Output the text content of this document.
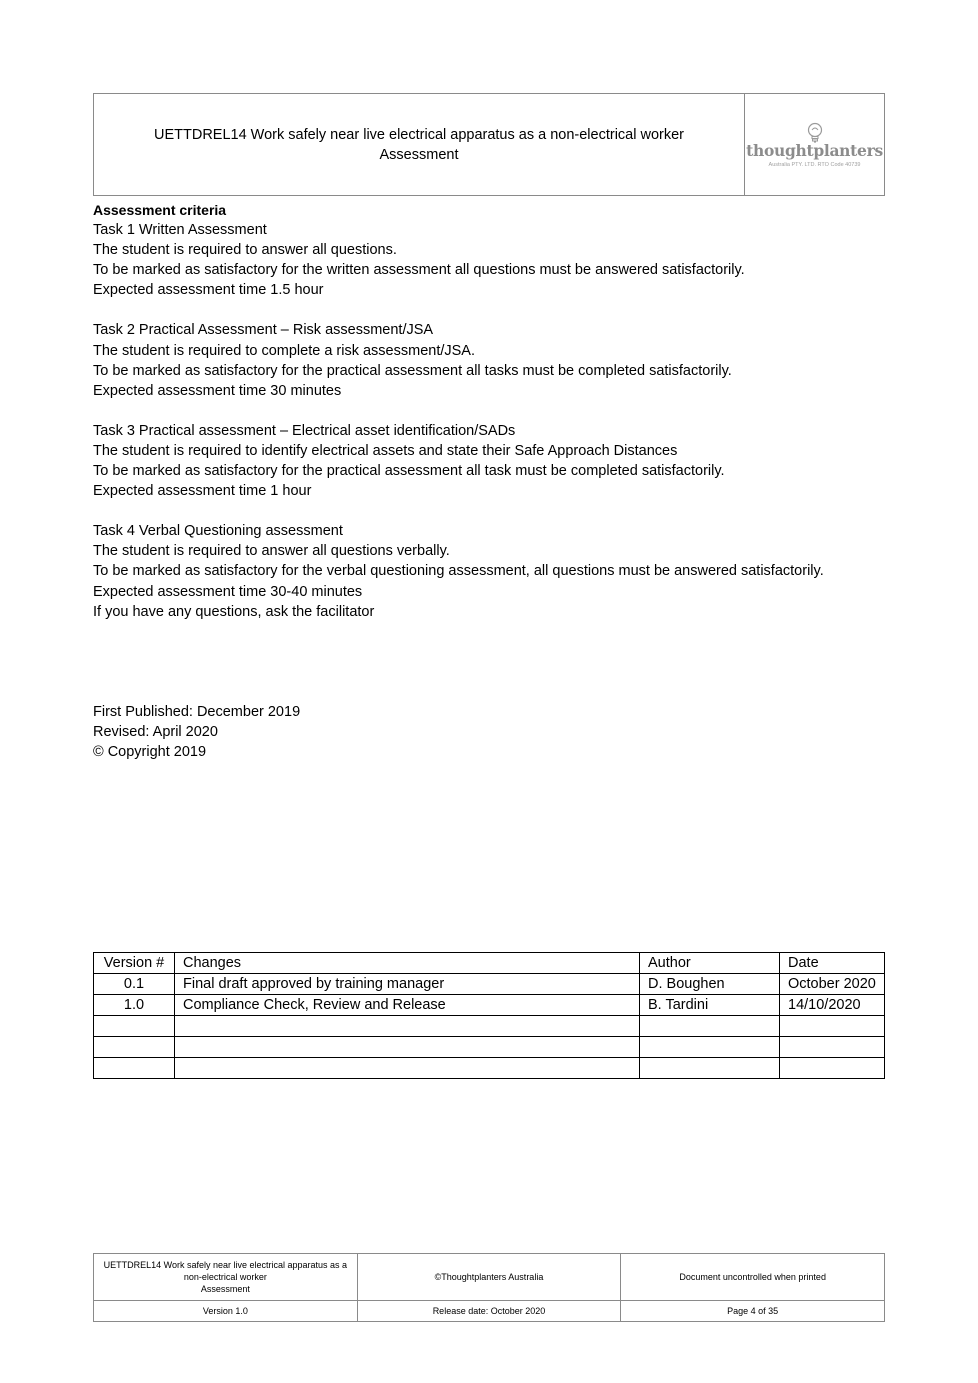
UETTDREL14 Work safely near live electrical apparatus as a non-electrical worker
Assessment	thoughtplanters
Australia PTY. LTD. RTO Code 40739

Assessment criteria

Task 1 Written Assessment

The student is required to answer all questions.

To be marked as satisfactory for the written assessment all questions must be answered satisfactorily.

Expected assessment time 1.5 hour

Task 2 Practical Assessment – Risk assessment/JSA

The student is required to complete a risk assessment/JSA.

To be marked as satisfactory for the practical assessment all tasks must be completed satisfactorily.

Expected assessment time 30 minutes

Task 3 Practical assessment – Electrical asset identification/SADs

The student is required to identify electrical assets and state their Safe Approach Distances

To be marked as satisfactory for the practical assessment all task must be completed satisfactorily.

Expected assessment time 1 hour

Task 4 Verbal Questioning assessment

The student is required to answer all questions verbally.

To be marked as satisfactory for the verbal questioning assessment, all questions must be answered satisfactorily.

Expected assessment time 30-40 minutes

If you have any questions, ask the facilitator

First Published: December 2019

Revised: April 2020

© Copyright 2019

Version #	Changes	Author	Date
0.1	Final draft approved by training manager	D. Boughen	October 2020
1.0	Compliance Check, Review and Release	B. Tardini	14/10/2020

UETTDREL14 Work safely near live electrical apparatus as a
non-electrical worker
Assessment	©Thoughtplanters Australia	Document uncontrolled when printed
Version 1.0	Release date: October 2020	Page 4 of 35
